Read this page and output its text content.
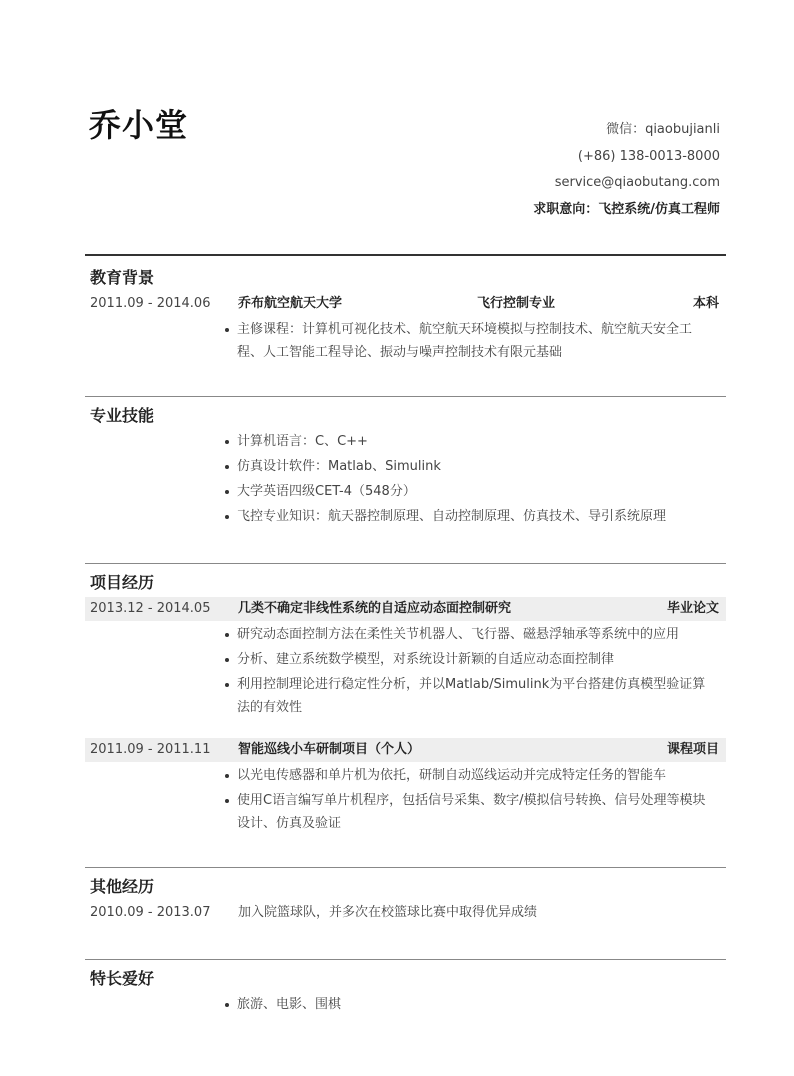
乔小堂	微信：qiaobujianli
(+86) 138-0013-8000
service@qiaobutang.com
求职意向：飞控系统/仿真工程师
教育背景
2011.09 - 2014.06 乔布航空航天大学	飞行控制专业	本科
主修课程：计算机可视化技术、航空航天环境模拟与控制技术、航空航天安全工程、人工智能工程导论、振动与噪声控制技术有限元基础
专业技能
计算机语言：C、C++
仿真设计软件：Matlab、Simulink
大学英语四级CET-4（548分）
飞控专业知识：航天器控制原理、自动控制原理、仿真技术、导引系统原理
项目经历
2013.12 - 2014.05 几类不确定非线性系统的自适应动态面控制研究	毕业论文
研究动态面控制方法在柔性关节机器人、飞行器、磁悬浮轴承等系统中的应用
分析、建立系统数学模型，对系统设计新颖的自适应动态面控制律
利用控制理论进行稳定性分析，并以Matlab/Simulink为平台搭建仿真模型验证算法的有效性
2011.09 - 2011.11 智能巡线小车研制项目（个人）	课程项目
以光电传感器和单片机为依托，研制自动巡线运动并完成特定任务的智能车
使用C语言编写单片机程序，包括信号采集、数字/模拟信号转换、信号处理等模块设计、仿真及验证
其他经历
2010.09 - 2013.07 加入院篮球队，并多次在校篮球比赛中取得优异成绩
特长爱好
旅游、电影、围棋
